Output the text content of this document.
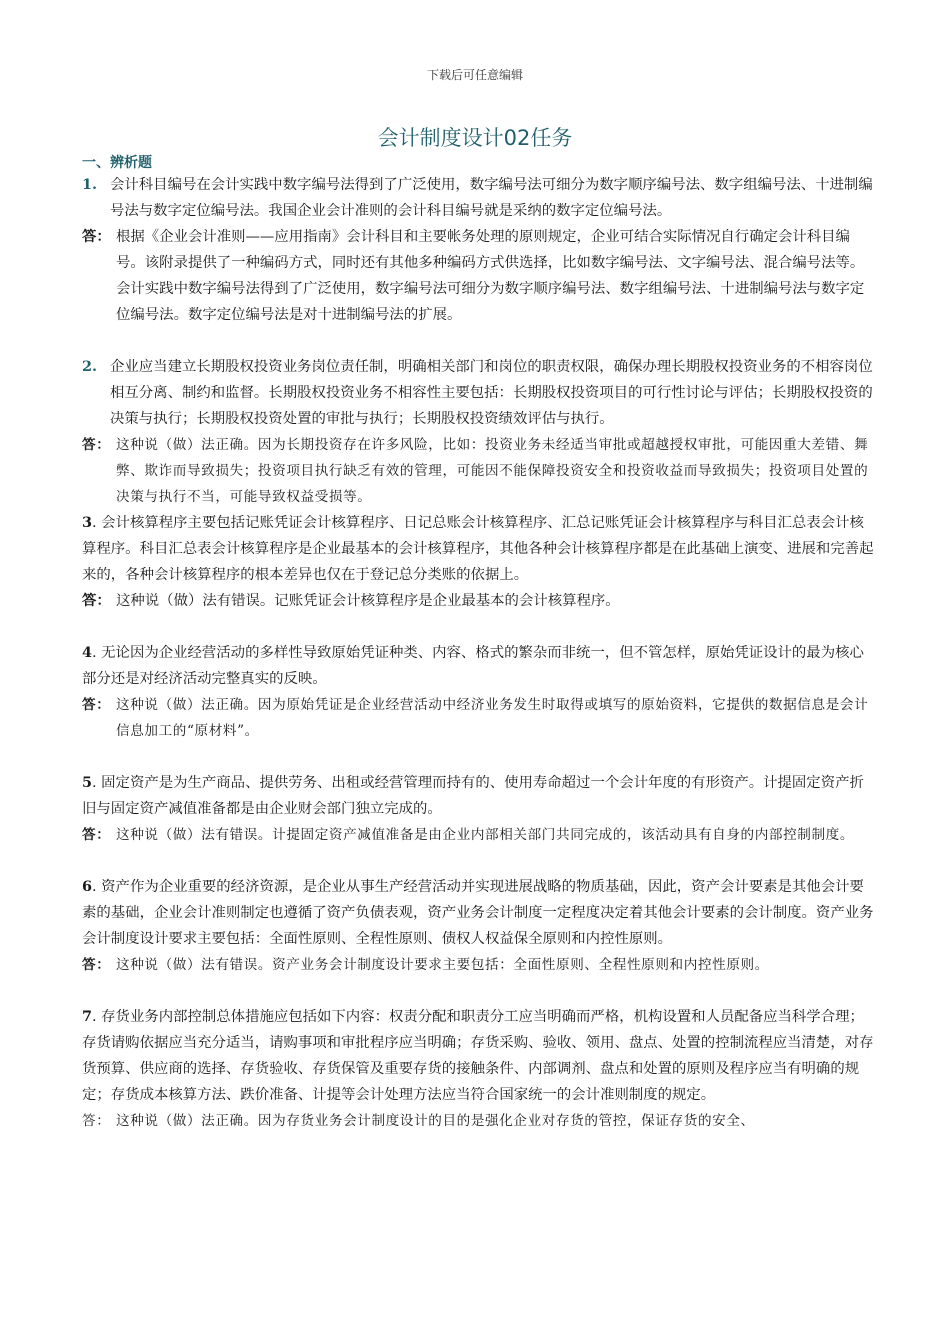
下载后可任意编辑
会计制度设计02任务
一、辨析题
1. 会计科目编号在会计实践中数字编号法得到了广泛使用，数字编号法可细分为数字顺序编号法、数字组编号法、十进制编号法与数字定位编号法。我国企业会计准则的会计科目编号就是采纳的数字定位编号法。
答： 根据《企业会计准则——应用指南》会计科目和主要帐务处理的原则规定，企业可结合实际情况自行确定会计科目编号。该附录提供了一种编码方式，同时还有其他多种编码方式供选择，比如数字编号法、文字编号法、混合编号法等。会计实践中数字编号法得到了广泛使用，数字编号法可细分为数字顺序编号法、数字组编号法、十进制编号法与数字定位编号法。数字定位编号法是对十进制编号法的扩展。
2. 企业应当建立长期股权投资业务岗位责任制，明确相关部门和岗位的职责权限，确保办理长期股权投资业务的不相容岗位相互分离、制约和监督。长期股权投资业务不相容性主要包括：长期股权投资项目的可行性讨论与评估；长期股权投资的决策与执行；长期股权投资处置的审批与执行；长期股权投资绩效评估与执行。
答： 这种说（做）法正确。因为长期投资存在许多风险，比如：投资业务未经适当审批或超越授权审批，可能因重大差错、舞弊、欺诈而导致损失；投资项目执行缺乏有效的管理，可能因不能保障投资安全和投资收益而导致损失；投资项目处置的决策与执行不当，可能导致权益受损等。
3. 会计核算程序主要包括记账凭证会计核算程序、日记总账会计核算程序、汇总记账凭证会计核算程序与科目汇总表会计核算程序。科目汇总表会计核算程序是企业最基本的会计核算程序，其他各种会计核算程序都是在此基础上演变、进展和完善起来的，各种会计核算程序的根本差异也仅在于登记总分类账的依据上。
答： 这种说（做）法有错误。记账凭证会计核算程序是企业最基本的会计核算程序。
4. 无论因为企业经营活动的多样性导致原始凭证种类、内容、格式的繁杂而非统一，但不管怎样，原始凭证设计的最为核心部分还是对经济活动完整真实的反映。
答： 这种说（做）法正确。因为原始凭证是企业经营活动中经济业务发生时取得或填写的原始资料，它提供的数据信息是会计信息加工的“原材料”。
5. 固定资产是为生产商品、提供劳务、出租或经营管理而持有的、使用寿命超过一个会计年度的有形资产。计提固定资产折旧与固定资产减值准备都是由企业财会部门独立完成的。
答： 这种说（做）法有错误。计提固定资产减值准备是由企业内部相关部门共同完成的，该活动具有自身的内部控制制度。
6. 资产作为企业重要的经济资源，是企业从事生产经营活动并实现进展战略的物质基础，因此，资产会计要素是其他会计要素的基础，企业会计准则制定也遵循了资产负债表观，资产业务会计制度一定程度决定着其他会计要素的会计制度。资产业务会计制度设计要求主要包括：全面性原则、全程性原则、债权人权益保全原则和内控性原则。
答： 这种说（做）法有错误。资产业务会计制度设计要求主要包括：全面性原则、全程性原则和内控性原则。
7. 存货业务内部控制总体措施应包括如下内容：权责分配和职责分工应当明确而严格，机构设置和人员配备应当科学合理；存货请购依据应当充分适当，请购事项和审批程序应当明确；存货采购、验收、领用、盘点、处置的控制流程应当清楚，对存货预算、供应商的选择、存货验收、存货保管及重要存货的接触条件、内部调剂、盘点和处置的原则及程序应当有明确的规定；存货成本核算方法、跌价准备、计提等会计处理方法应当符合国家统一的会计准则制度的规定。
答： 这种说（做）法正确。因为存货业务会计制度设计的目的是强化企业对存货的管控，保证存货的安全、
